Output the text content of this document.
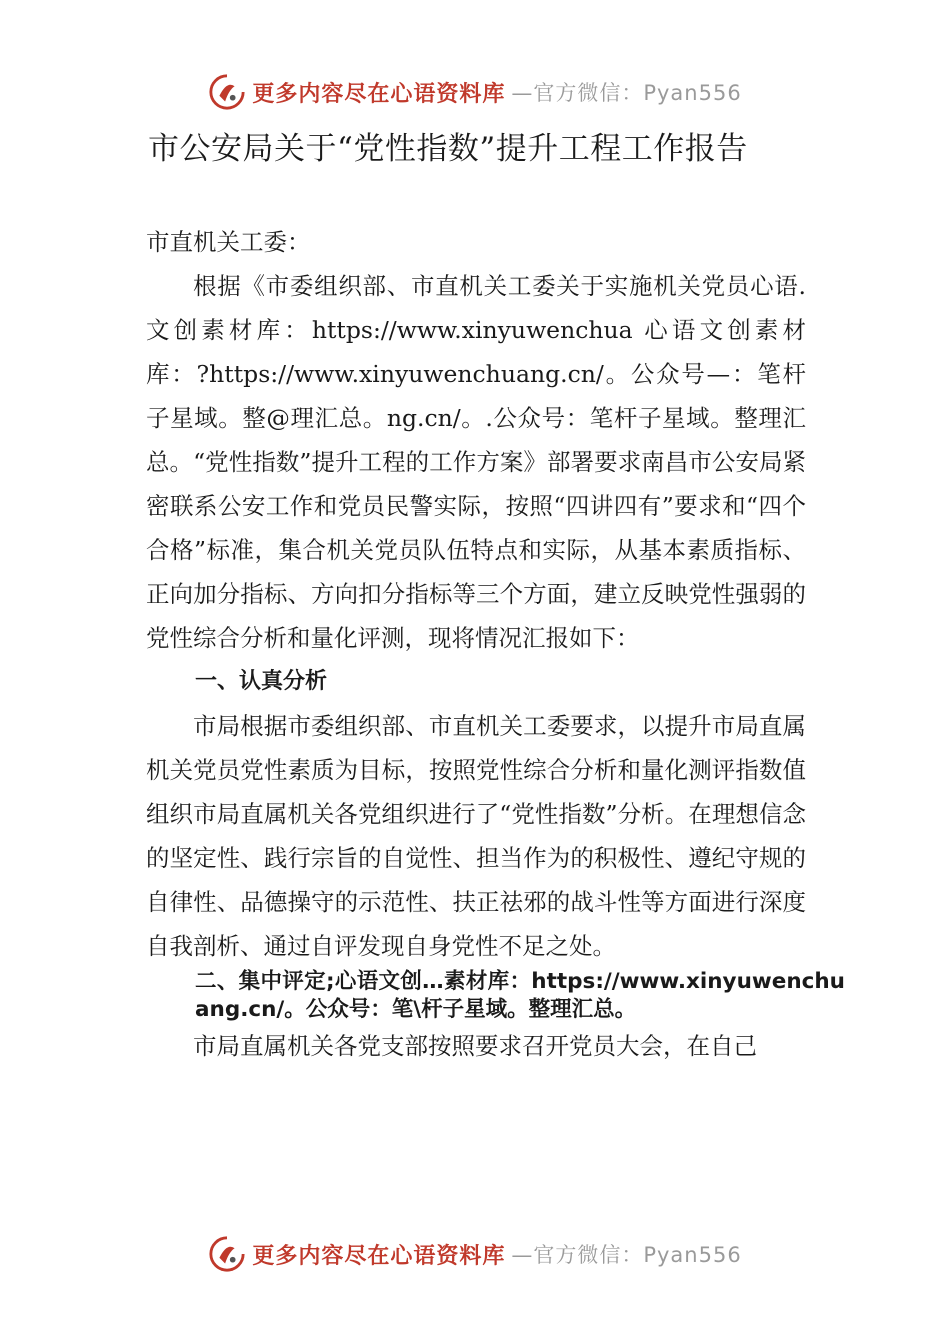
更多内容尽在心语资料库 —官方微信：Pyan556
市公安局关于“党性指数”提升工程工作报告

市直机关工委：

根据《市委组织部、市直机关工委关于实施机关党员心语.文创素材库：https://www.xinyuwenchua 心语文创素材库：?https://www.xinyuwenchuang.cn/。公众号—：笔杆子星域。整@理汇总。ng.cn/。.公众号：笔杆子星域。整理汇总。“党性指数”提升工程的工作方案》部署要求南昌市公安局紧密联系公安工作和党员民警实际，按照“四讲四有”要求和“四个合格”标准，集合机关党员队伍特点和实际，从基本素质指标、正向加分指标、方向扣分指标等三个方面，建立反映党性强弱的党性综合分析和量化评测，现将情况汇报如下：

一、认真分析

市局根据市委组织部、市直机关工委要求，以提升市局直属机关党员党性素质为目标，按照党性综合分析和量化测评指数值组织市局直属机关各党组织进行了“党性指数”分析。在理想信念的坚定性、践行宗旨的自觉性、担当作为的积极性、遵纪守规的自律性、品德操守的示范性、扶正祛邪的战斗性等方面进行深度自我剖析、通过自评发现自身党性不足之处。

二、集中评定;心语文创…素材库：https://www.xinyuwenchuang.cn/。公众号：笔\杆子星域。整理汇总。

市局直属机关各党支部按照要求召开党员大会，在自己

更多内容尽在心语资料库 —官方微信：Pyan556
